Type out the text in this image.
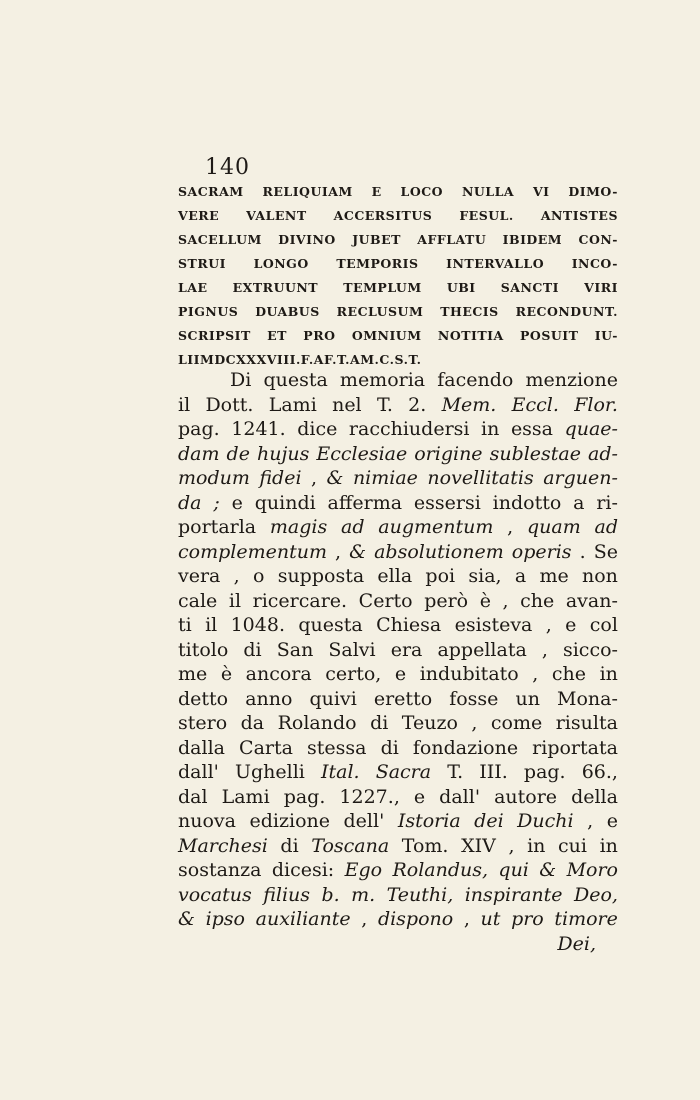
140
SACRAM RELIQUIAM E LOCO NULLA VI DIMO-
VERE VALENT ACCERSITUS FESUL. ANTISTES
SACELLUM DIVINO JUBET AFFLATU IBIDEM CON-
STRUI LONGO TEMPORIS INTERVALLO INCO-
LAE EXTRUUNT TEMPLUM UBI SANCTI VIRI
PIGNUS DUABUS RECLUSUM THECIS RECONDUNT.
SCRIPSIT ET PRO OMNIUM NOTITIA POSUIT IU-
LII MDCXXXVIII. F. A F. T. A M. C. S. T.
Di questa memoria facendo menzione
il Dott. Lami nel T. 2. Mem. Eccl. Flor.
pag. 1241. dice racchiudersi in essa quae-
dam de hujus Ecclesiae origine sublestae ad-
modum fidei , & nimiae novellitatis arguen-
da ; e quindi afferma essersi indotto a ri-
portarla magis ad augmentum , quam ad
complementum , & absolutionem operis . Se
vera , o supposta ella poi sia, a me non
cale il ricercare. Certo però è , che avan-
ti il 1048. questa Chiesa esisteva , e col
titolo di San Salvi era appellata , sicco-
me è ancora certo, e indubitato , che in
detto anno quivi eretto fosse un Mona-
stero da Rolando di Teuzo , come risulta
dalla Carta stessa di fondazione riportata
dall' Ughelli Ital. Sacra T. III. pag. 66.,
dal Lami pag. 1227., e dall' autore della
nuova edizione dell' Istoria dei Duchi , e
Marchesi di Toscana Tom. XIV , in cui in
sostanza dicesi: Ego Rolandus, qui & Moro
vocatus filius b. m. Teuthi, inspirante Deo,
& ipso auxiliante , dispono , ut pro timore
Dei,
